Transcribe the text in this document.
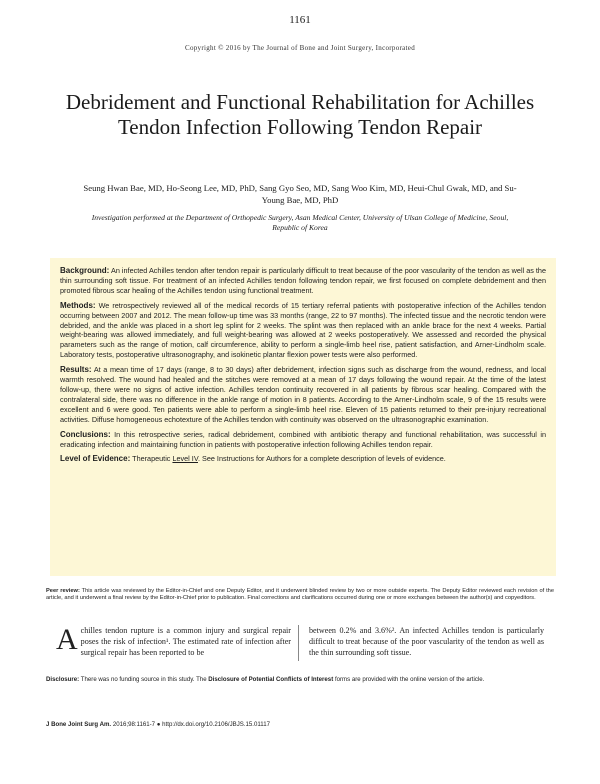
1161
Copyright © 2016 by The Journal of Bone and Joint Surgery, Incorporated
Debridement and Functional Rehabilitation for Achilles Tendon Infection Following Tendon Repair
Seung Hwan Bae, MD, Ho-Seong Lee, MD, PhD, Sang Gyo Seo, MD, Sang Woo Kim, MD, Heui-Chul Gwak, MD, and Su-Young Bae, MD, PhD
Investigation performed at the Department of Orthopedic Surgery, Asan Medical Center, University of Ulsan College of Medicine, Seoul, Republic of Korea

Background: An infected Achilles tendon after tendon repair is particularly difficult to treat because of the poor vascularity of the tendon as well as the thin surrounding soft tissue. For treatment of an infected Achilles tendon following tendon repair, we first focused on complete debridement and then promoted fibrous scar healing of the Achilles tendon using functional treatment.

Methods: We retrospectively reviewed all of the medical records of 15 tertiary referral patients with postoperative infection of the Achilles tendon occurring between 2007 and 2012. The mean follow-up time was 33 months (range, 22 to 97 months). The infected tissue and the necrotic tendon were debrided, and the ankle was placed in a short leg splint for 2 weeks. The splint was then replaced with an ankle brace for the next 4 weeks. Partial weight-bearing was allowed immediately, and full weight-bearing was allowed at 2 weeks postoperatively. We assessed and recorded the physical parameters such as the range of motion, calf circumference, ability to perform a single-limb heel rise, patient satisfaction, and Arner-Lindholm scale. Laboratory tests, postoperative ultrasonography, and isokinetic plantar flexion power tests were also performed.

Results: At a mean time of 17 days (range, 8 to 30 days) after debridement, infection signs such as discharge from the wound, redness, and local warmth resolved. The wound had healed and the stitches were removed at a mean of 17 days following the wound repair. At the time of the latest follow-up, there were no signs of active infection. Achilles tendon continuity recovered in all patients by fibrous scar healing. Compared with the contralateral side, there was no difference in the ankle range of motion in 8 patients. According to the Arner-Lindholm scale, 9 of the 15 results were excellent and 6 were good. Ten patients were able to perform a single-limb heel rise. Eleven of 15 patients returned to their pre-injury recreational activities. Diffuse homogeneous echotexture of the Achilles tendon with continuity was observed on the ultrasonographic examination.

Conclusions: In this retrospective series, radical debridement, combined with antibiotic therapy and functional rehabilitation, was successful in eradicating infection and maintaining function in patients with postoperative infection following Achilles tendon repair.

Level of Evidence: Therapeutic Level IV. See Instructions for Authors for a complete description of levels of evidence.

Peer review: This article was reviewed by the Editor-in-Chief and one Deputy Editor, and it underwent blinded review by two or more outside experts. The Deputy Editor reviewed each revision of the article, and it underwent a final review by the Editor-in-Chief prior to publication. Final corrections and clarifications occurred during one or more exchanges between the author(s) and copyeditors.
A chilles tendon rupture is a common injury and surgical repair poses the risk of infection¹. The estimated rate of infection after surgical repair has been reported to be
between 0.2% and 3.6%². An infected Achilles tendon is particularly difficult to treat because of the poor vascularity of the tendon as well as the thin surrounding soft tissue.
Disclosure: There was no funding source in this study. The Disclosure of Potential Conflicts of Interest forms are provided with the online version of the article.
J Bone Joint Surg Am. 2016;98:1161-7 ● http://dx.doi.org/10.2106/JBJS.15.01117
